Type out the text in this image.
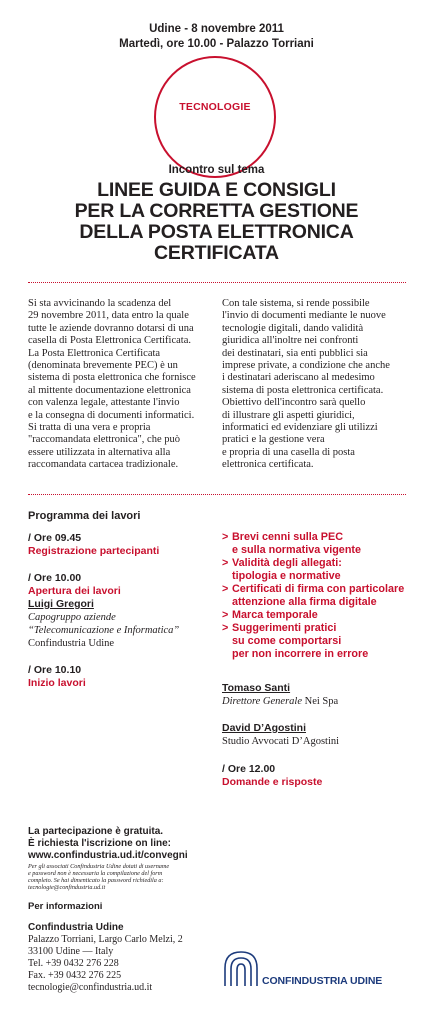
Udine - 8 novembre 2011
Martedì, ore 10.00 - Palazzo Torriani
TECNOLOGIE
Incontro sul tema
LINEE GUIDA E CONSIGLI
PER LA CORRETTA GESTIONE
DELLA POSTA ELETTRONICA
CERTIFICATA
Si sta avvicinando la scadenza del
29 novembre 2011, data entro la quale
tutte le aziende dovranno dotarsi di una
casella di Posta Elettronica Certificata.
La Posta Elettronica Certificata
(denominata brevemente PEC) è un
sistema di posta elettronica che fornisce
al mittente documentazione elettronica
con valenza legale, attestante l'invio
e la consegna di documenti informatici.
Si tratta di una vera e propria
"raccomandata elettronica", che può
essere utilizzata in alternativa alla
raccomandata cartacea tradizionale.
Con tale sistema, si rende possibile
l'invio di documenti mediante le nuove
tecnologie digitali, dando validità
giuridica all'inoltre nei confronti
dei destinatari, sia enti pubblici sia
imprese private, a condizione che anche
i destinatari aderiscano al medesimo
sistema di posta elettronica certificata.
Obiettivo dell'incontro sarà quello
di illustrare gli aspetti giuridici,
informatici ed evidenziare gli utilizzi
pratici e la gestione vera
e propria di una casella di posta
elettronica certificata.
Programma dei lavori
/ Ore 09.45
Registrazione partecipanti
/ Ore 10.00
Apertura dei lavori
Luigi Gregori
Capogruppo aziende
“Telecomunicazione e Informatica”
Confindustria Udine
/ Ore 10.10
Inizio lavori
> Brevi cenni sulla PEC
e sulla normativa vigente
> Validità degli allegati:
tipologia e normative
> Certificati di firma con particolare
attenzione alla firma digitale
> Marca temporale
> Suggerimenti pratici
su come comportarsi
per non incorrere in errore
Tomaso Santi
Direttore Generale Nei Spa
David D’Agostini
Studio Avvocati D’Agostini
/ Ore 12.00
Domande e risposte
La partecipazione è gratuita.
È richiesta l'iscrizione on line:
www.confindustria.ud.it/convegni
Per gli associati Confindustria Udine dotati di username
e password non è necessaria la compilazione del form
completo. Se hai dimenticato la password richiedila a:
tecnologie@confindustria.ud.it
Per informazioni
Confindustria Udine
Palazzo Torriani, Largo Carlo Melzi, 2
33100 Udine — Italy
Tel. +39 0432 276 228
Fax. +39 0432 276 225
tecnologie@confindustria.ud.it
CONFINDUSTRIA UDINE
